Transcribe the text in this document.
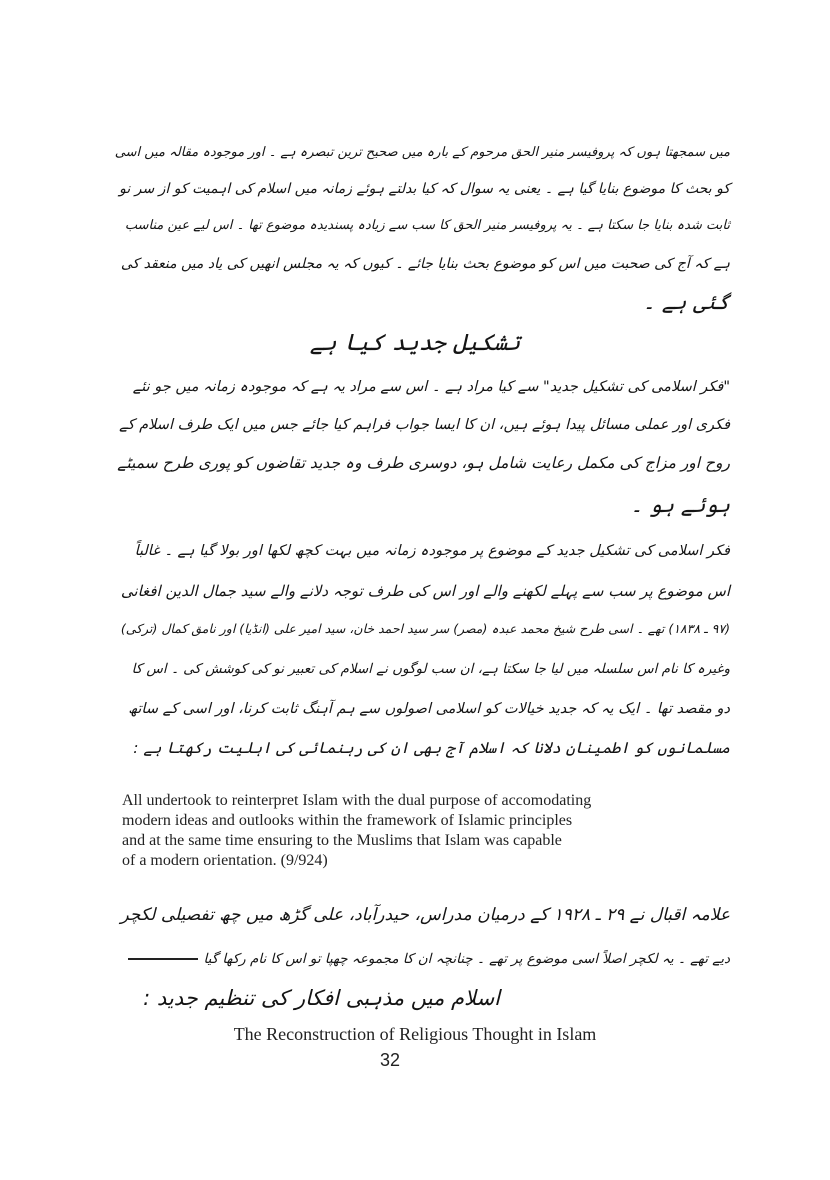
میں سمجھتا ہوں کہ پروفیسر منیر الحق مرحوم کے بارہ میں صحیح ترین تبصرہ ہے ۔ اور موجودہ مقالہ میں اسی
کو بحث کا موضوع بنایا گیا ہے ۔ یعنی یہ سوال کہ کیا بدلتے ہوئے زمانہ میں اسلام کی اہمیت کو از سر نو
ثابت شدہ بنایا جا سکتا ہے ۔ یہ پروفیسر منیر الحق کا سب سے زیادہ پسندیدہ موضوع تھا ۔ اس لیے عین مناسب
ہے کہ آج کی صحبت میں اس کو موضوع بحث بنایا جائے ۔ کیوں کہ یہ مجلس انھیں کی یاد میں منعقد کی
گئی ہے ۔
تشکیل جدید کیا ہے
"فکر اسلامی کی تشکیل جدید" سے کیا مراد ہے ۔ اس سے مراد یہ ہے کہ موجودہ زمانہ میں جو نئے
فکری اور عملی مسائل پیدا ہوئے ہیں، ان کا ایسا جواب فراہم کیا جائے جس میں ایک طرف اسلام کے
روح اور مزاج کی مکمل رعایت شامل ہو، دوسری طرف وہ جدید تقاضوں کو پوری طرح سمیٹے
ہوئے ہو ۔
فکر اسلامی کی تشکیل جدید کے موضوع پر موجودہ زمانہ میں بہت کچھ لکھا اور بولا گیا ہے ۔ غالباً
اس موضوع پر سب سے پہلے لکھنے والے اور اس کی طرف توجہ دلانے والے سید جمال الدین افغانی
(۹۷ ـ ۱۸۳۸) تھے ۔ اسی طرح شیخ محمد عبدہ (مصر) سر سید احمد خان، سید امیر علی (انڈیا) اور نامق کمال (ترکی)
وغیرہ کا نام اس سلسلہ میں لیا جا سکتا ہے، ان سب لوگوں نے اسلام کی تعبیر نو کی کوشش کی ۔ اس کا
دو مقصد تھا ۔ ایک یہ کہ جدید خیالات کو اسلامی اصولوں سے ہم آہنگ ثابت کرنا، اور اسی کے ساتھ
مسلمانوں کو اطمینان دلانا کہ اسلام آج بھی ان کی رہنمائی کی اہلیت رکھتا ہے :
All undertook to reinterpret Islam with the dual purpose of accomodating
modern ideas and outlooks within the framework of Islamic principles
and at the same time ensuring to the Muslims that Islam was capable
of a modern orientation. (9/924)
علامہ اقبال نے ۲۹ ـ ۱۹۲۸ کے درمیان مدراس، حیدرآباد، علی گڑھ میں چھ تفصیلی لکچر
دیے تھے ۔ یہ لکچر اصلاً اسی موضوع پر تھے ۔ چنانچہ ان کا مجموعہ چھپا تو اس کا نام رکھا گیا
اسلام میں مذہبی افکار کی تنظیم جدید :
The Reconstruction of Religious Thought in Islam
32
